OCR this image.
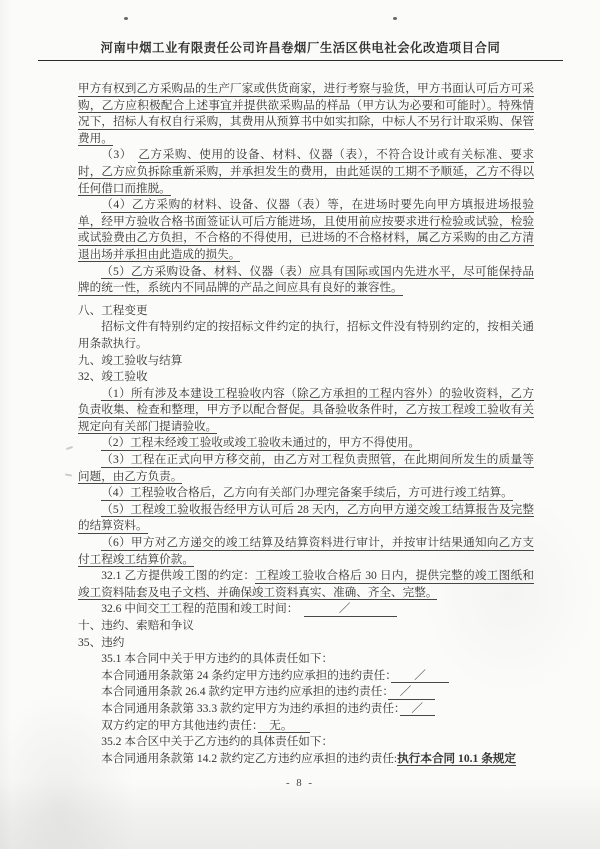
河南中烟工业有限责任公司许昌卷烟厂生活区供电社会化改造项目合同

甲方有权到乙方采购品的生产厂家或供货商家，进行考察与验货，甲方书面认可后方可采购，乙方应积极配合上述事宜并提供欲采购品的样品（甲方认为必要和可能时）。特殊情况下，招标人有权自行采购，其费用从预算书中如实扣除，中标人不另行计取采购、保管费用。

（3） 乙方采购、使用的设备、材料、仪器（表），不符合设计或有关标准、要求时，乙方应负拆除重新采购，并承担发生的费用，由此延误的工期不予顺延，乙方不得以任何借口而推脱。

（4）乙方采购的材料、设备、仪器（表）等，在进场时要先向甲方填报进场报验单，经甲方验收合格书面签证认可后方能进场，且使用前应按要求进行检验或试验，检验或试验费由乙方负担，不合格的不得使用，已进场的不合格材料，属乙方采购的由乙方清退出场并承担由此造成的损失。

（5）乙方采购设备、材料、仪器（表）应具有国际或国内先进水平，尽可能保持品牌的统一性，系统内不同品牌的产品之间应具有良好的兼容性。

八、工程变更

招标文件有特别约定的按招标文件约定的执行，招标文件没有特别约定的，按相关通用条款执行。

九、竣工验收与结算

32、竣工验收

（1）所有涉及本建设工程验收内容（除乙方承担的工程内容外）的验收资料，乙方负责收集、检查和整理，甲方予以配合督促。具备验收条件时，乙方按工程竣工验收有关规定向有关部门提请验收。

（2）工程未经竣工验收或竣工验收未通过的，甲方不得使用。

（3）工程在正式向甲方移交前，由乙方对工程负责照管，在此期间所发生的质量等问题，由乙方负责。

（4）工程验收合格后，乙方向有关部门办理完备案手续后，方可进行竣工结算。

（5）工程竣工验收报告经甲方认可后 28 天内，乙方向甲方递交竣工结算报告及完整的结算资料。

（6）甲方对乙方递交的竣工结算及结算资料进行审计，并按审计结果通知向乙方支付工程竣工结算价款。

32.1 乙方提供竣工图的约定：工程竣工验收合格后 30 日内，提供完整的竣工图纸和竣工资料陆套及电子文档、并确保竣工资料真实、准确、齐全、完整。

32.6 中间交工工程的范围和竣工时间：　　　　／　　　　

十、违约、索赔和争议

35、违约

35.1 本合同中关于甲方违约的具体责任如下：

本合同通用条款第 24 条约定甲方违约应承担的违约责任：　　／　　

本合同通用条款 26.4 款约定甲方违约应承担的违约责任：　／　　

本合同通用条款第 33.3 款约定甲方为违约承担的违约责任：　／　

双方约定的甲方其他违约责任：　无。　　

35.2 本合区中关于乙方违约的具体责任如下：

本合同通用条款第 14.2 款约定乙方违约应承担的违约责任:执行本合同 10.1 条规定

- 8 -
